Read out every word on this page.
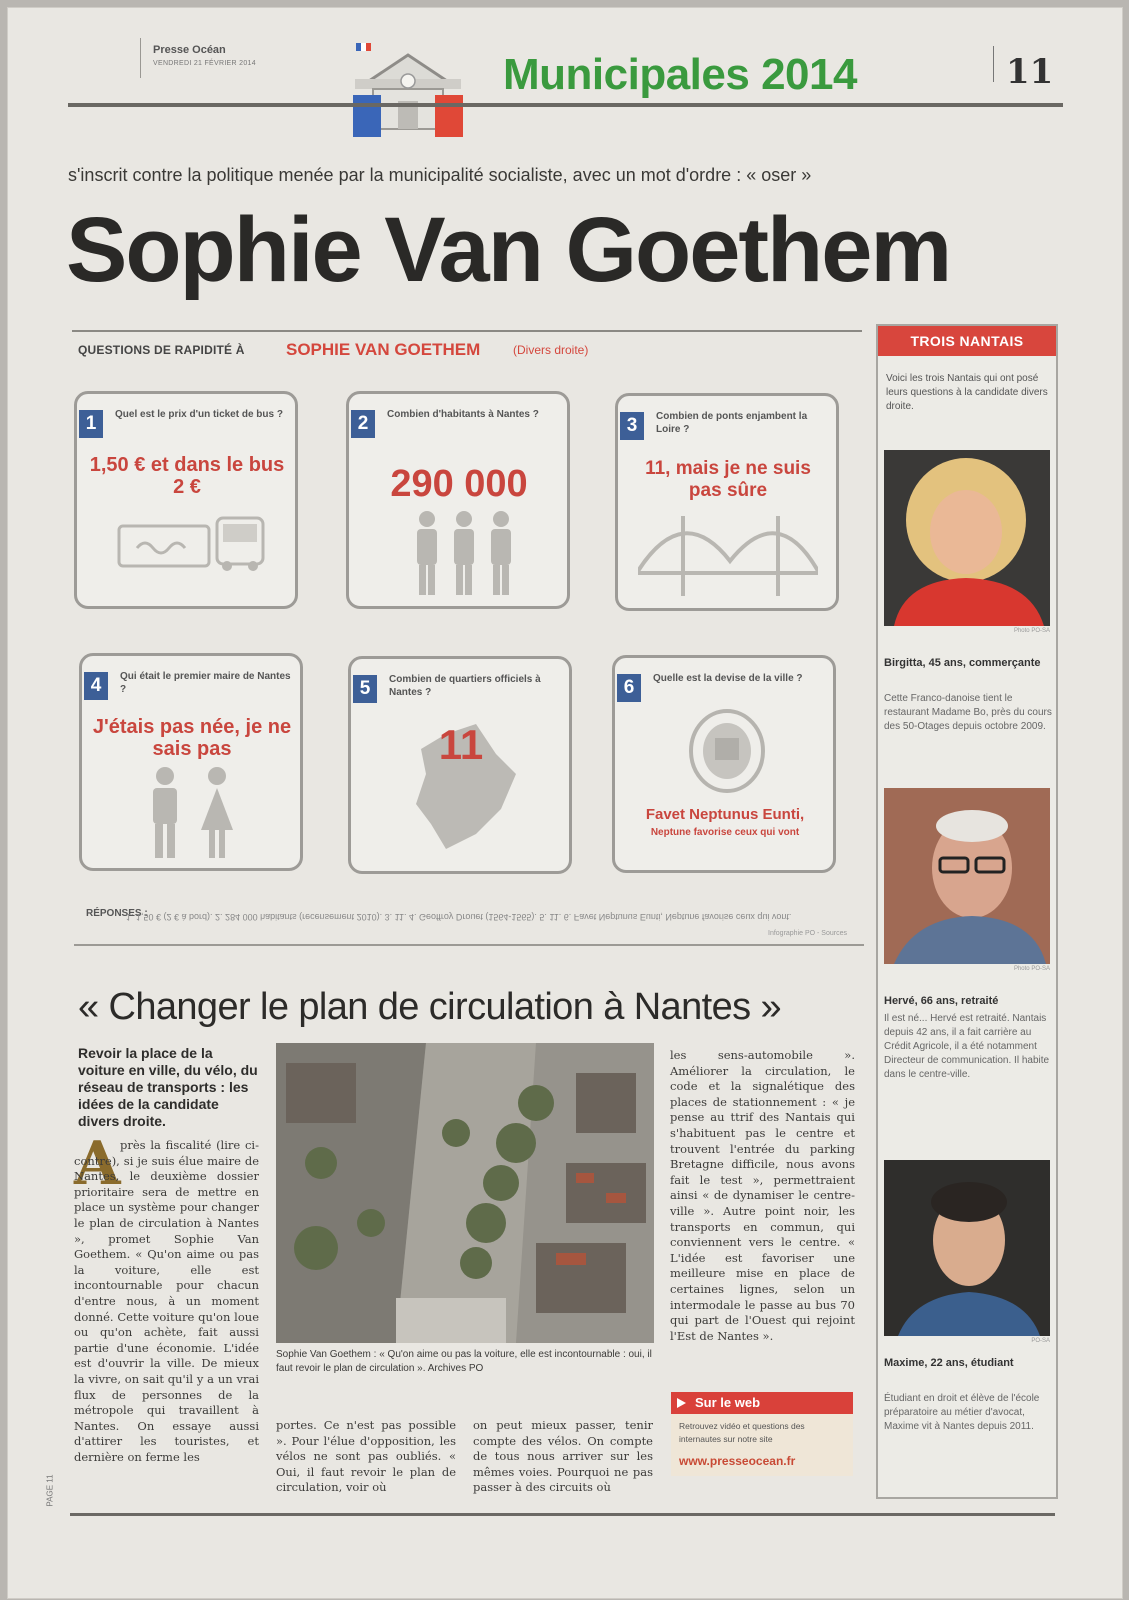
Presse Océan
VENDREDI 21 FÉVRIER 2014	Municipales 2014	11
s'inscrit contre la politique menée par la municipalité socialiste, avec un mot d'ordre : « oser »
Sophie Van Goethem
QUESTIONS DE RAPIDITÉ À SOPHIE VAN GOETHEM	(Divers droite)
1	Quel est le prix d'un ticket de bus ?
1,50 € et dans le bus 2 €
2	Combien d'habitants à Nantes ?
290 000
3	Combien de ponts enjambent la Loire ?
11, mais je ne suis pas sûre
4	Qui était le premier maire de Nantes ?
J'étais pas née, je ne sais pas
5	Combien de quartiers officiels à Nantes ?
11
6	Quelle est la devise de la ville ?
Favet Neptunus Eunti,
Neptune favorise ceux qui vont
RÉPONSES :
1. 1,50 € (2 € à bord). 2. 284 000 habitants (recensement 2010). 3. 11. 4. Geoffroy Drouet (1564-1565). 5. 11. 6. Favet Neptunus Eunti, Neptune favorise ceux qui vont.
Infographie PO - Sources
« Changer le plan de circulation à Nantes »
Revoir la place de la voiture en ville, du vélo, du réseau de transports : les idées de la candidate divers droite.
A près la fiscalité (lire ci-contre), si je suis élue maire de Nantes, le deuxième dossier prioritaire sera de mettre en place un système pour changer le plan de circulation à Nantes », promet Sophie Van Goethem. « Qu'on aime ou pas la voiture, elle est incontournable pour chacun d'entre nous, à un moment donné. Cette voiture qu'on loue ou qu'on achète, fait aussi partie d'une économie. L'idée est d'ouvrir la ville. De mieux la vivre, on sait qu'il y a un vrai flux de personnes de la métropole qui travaillent à Nantes. On essaye aussi d'attirer les touristes, et dernière on ferme les
portes. Ce n'est pas possible ». Pour l'élue d'opposition, les vélos ne sont pas oubliés. « Oui, il faut revoir le plan de circulation, voir où
on peut mieux passer, tenir compte des vélos. On compte de tous nous arriver sur les mêmes voies. Pourquoi ne pas passer à des circuits où
les sens-automobile ». Améliorer la circulation, le code et la signalétique des places de stationnement : « je pense au ttrif des Nantais qui s'habituent pas le centre et trouvent l'entrée du parking Bretagne difficile, nous avons fait le test », permettraient ainsi « de dynamiser le centre-ville ». Autre point noir, les transports en commun, qui conviennent vers le centre. « L'idée est favoriser une meilleure mise en place de certaines lignes, selon un intermodale le passe au bus 70 qui part de l'Ouest qui rejoint l'Est de Nantes ».
Sophie Van Goethem : « Qu'on aime ou pas la voiture, elle est incontournable : oui, il faut revoir le plan de circulation ». Archives PO
Sur le web
Retrouvez vidéo et questions des internautes sur notre site
www.presseocean.fr
TROIS NANTAIS
Voici les trois Nantais qui ont posé leurs questions à la candidate divers droite.
Photo PO-SA
Birgitta, 45 ans, commerçante
Cette Franco-danoise tient le restaurant Madame Bo, près du cours des 50-Otages depuis octobre 2009.
Photo PO-SA
Hervé, 66 ans, retraité
Il est né... Hervé est retraité. Nantais depuis 42 ans, il a fait carrière au Crédit Agricole, il a été notamment Directeur de communication. Il habite dans le centre-ville.
PO-SA
Maxime, 22 ans, étudiant
Étudiant en droit et élève de l'école préparatoire au métier d'avocat, Maxime vit à Nantes depuis 2011.
PAGE 11
